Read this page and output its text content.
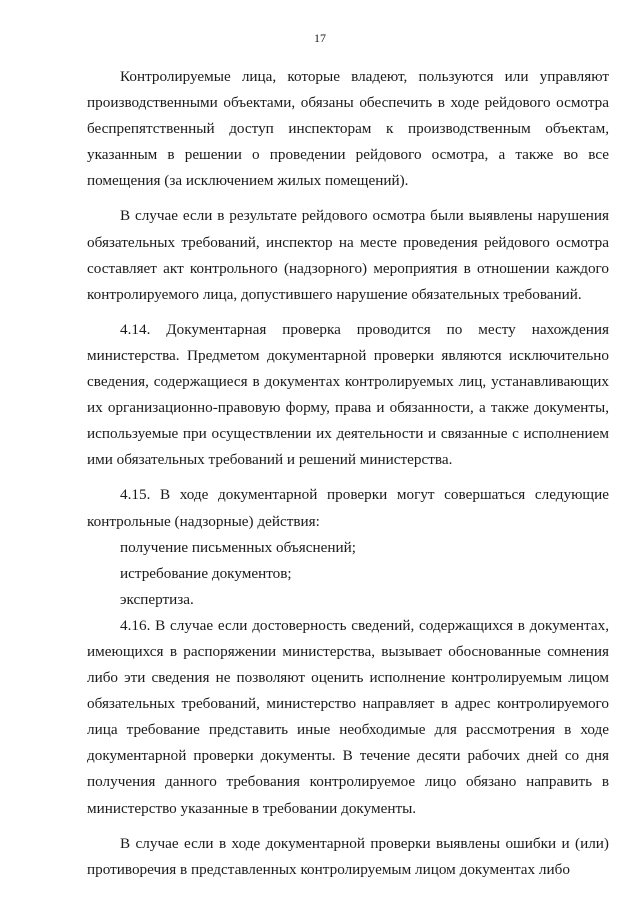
17

Контролируемые лица, которые владеют, пользуются или управляют производственными объектами, обязаны обеспечить в ходе рейдового осмотра беспрепятственный доступ инспекторам к производственным объектам, указанным в решении о проведении рейдового осмотра, а также во все помещения (за исключением жилых помещений).

В случае если в результате рейдового осмотра были выявлены нарушения обязательных требований, инспектор на месте проведения рейдового осмотра составляет акт контрольного (надзорного) мероприятия в отношении каждого контролируемого лица, допустившего нарушение обязательных требований.

4.14. Документарная проверка проводится по месту нахождения министерства. Предметом документарной проверки являются исключительно сведения, содержащиеся в документах контролируемых лиц, устанавливающих их организационно-правовую форму, права и обязанности, а также документы, используемые при осуществлении их деятельности и связанные с исполнением ими обязательных требований и решений министерства.

4.15. В ходе документарной проверки могут совершаться следующие контрольные (надзорные) действия:

получение письменных объяснений;

истребование документов;

экспертиза.

4.16. В случае если достоверность сведений, содержащихся в документах, имеющихся в распоряжении министерства, вызывает обоснованные сомнения либо эти сведения не позволяют оценить исполнение контролируемым лицом обязательных требований, министерство направляет в адрес контролируемого лица требование представить иные необходимые для рассмотрения в ходе документарной проверки документы. В течение десяти рабочих дней со дня получения данного требования контролируемое лицо обязано направить в министерство указанные в требовании документы.

В случае если в ходе документарной проверки выявлены ошибки и (или) противоречия в представленных контролируемым лицом документах либо
